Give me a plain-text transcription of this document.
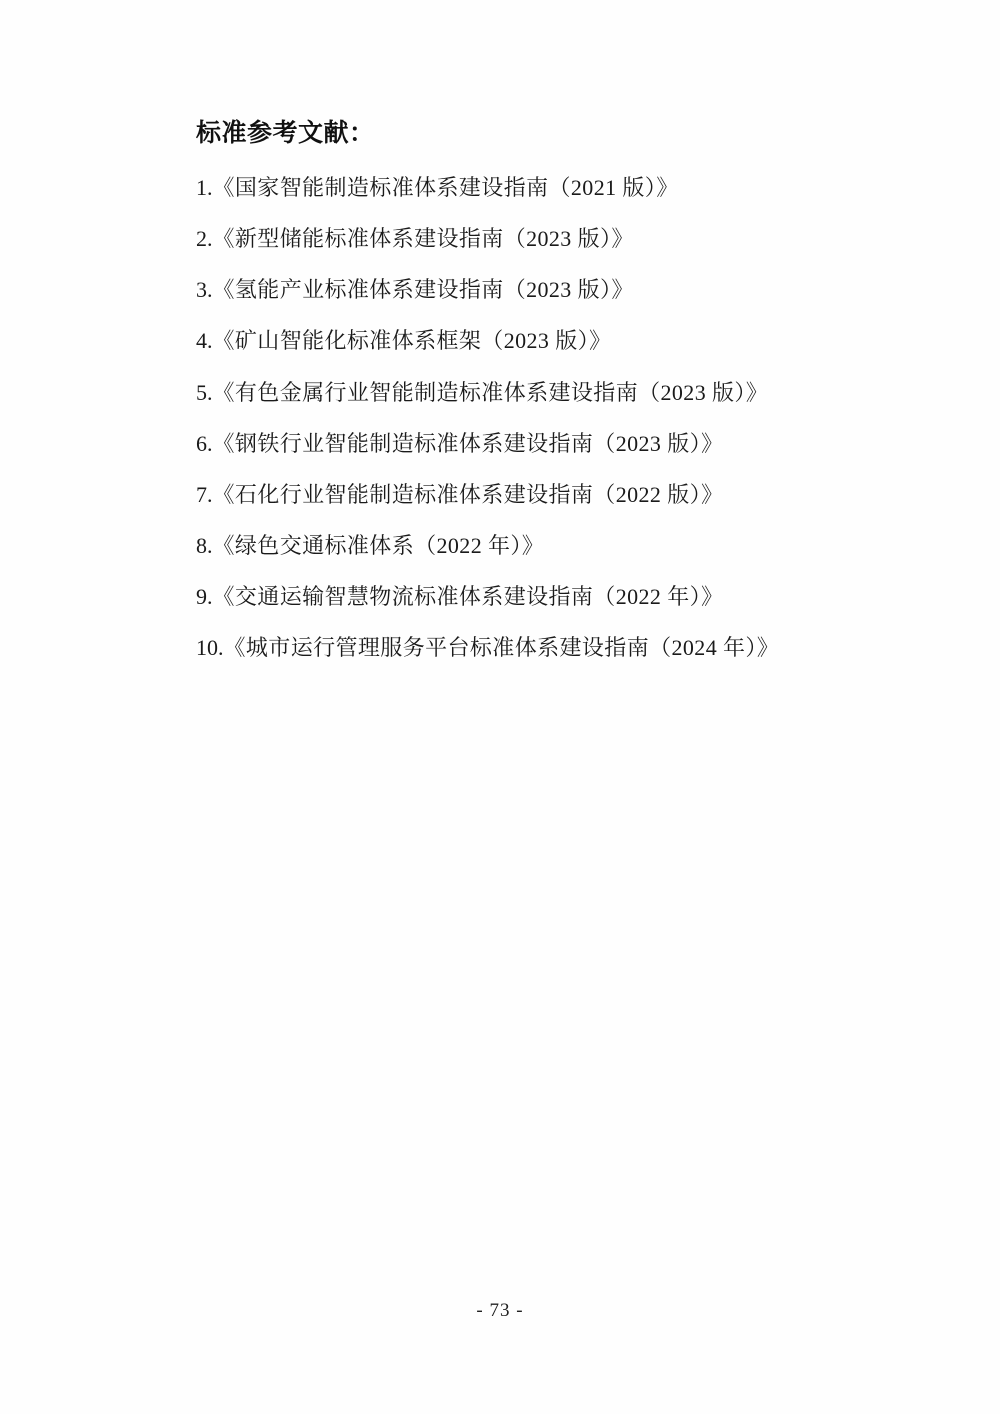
标准参考文献：
1. 《国家智能制造标准体系建设指南（2021 版）》
2. 《新型储能标准体系建设指南（2023 版）》
3. 《氢能产业标准体系建设指南（2023 版）》
4. 《矿山智能化标准体系框架（2023 版）》
5. 《有色金属行业智能制造标准体系建设指南（2023 版）》
6. 《钢铁行业智能制造标准体系建设指南（2023 版）》
7. 《石化行业智能制造标准体系建设指南（2022 版）》
8. 《绿色交通标准体系（2022 年）》
9. 《交通运输智慧物流标准体系建设指南（2022 年）》
10. 《城市运行管理服务平台标准体系建设指南（2024 年）》
- 73 -
